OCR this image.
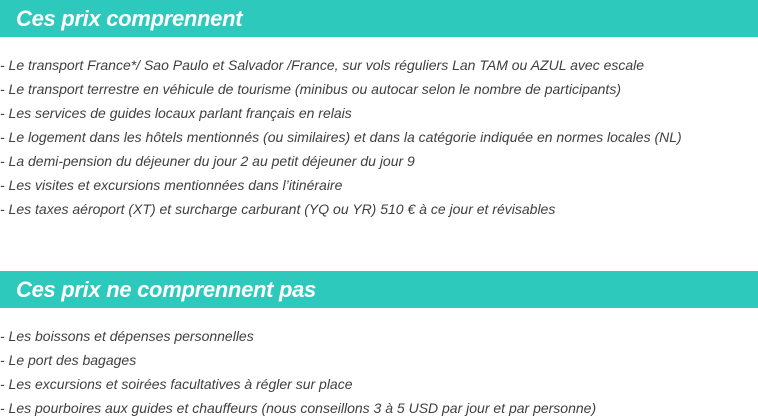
Ces prix comprennent
- Le transport France*/ Sao Paulo et Salvador /France, sur vols réguliers Lan TAM ou AZUL avec escale
- Le transport terrestre en véhicule de tourisme (minibus ou autocar selon le nombre de participants)
- Les services de guides locaux parlant français en relais
- Le logement dans les hôtels mentionnés (ou similaires) et dans la catégorie indiquée en normes locales (NL)
- La demi-pension du déjeuner du jour 2 au petit déjeuner du jour 9
- Les visites et excursions mentionnées dans l’itinéraire
- Les taxes aéroport (XT) et surcharge carburant (YQ ou YR) 510 € à ce jour et révisables
Ces prix ne comprennent pas
- Les boissons et dépenses personnelles
- Le port des bagages
- Les excursions et soirées facultatives à régler sur place
- Les pourboires aux guides et chauffeurs (nous conseillons 3 à 5 USD par jour et par personne)
